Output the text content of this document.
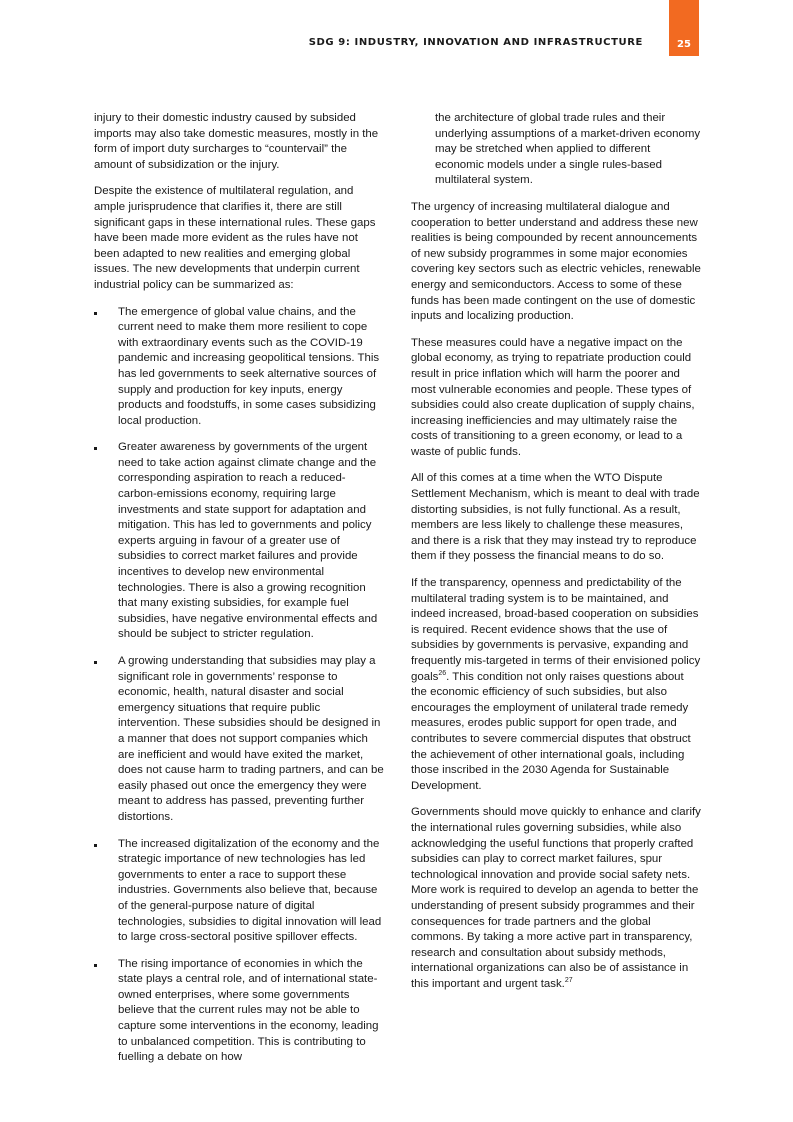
SDG 9: INDUSTRY, INNOVATION AND INFRASTRUCTURE	25

injury to their domestic industry caused by subsided imports may also take domestic measures, mostly in the form of import duty surcharges to “countervail” the amount of subsidization or the injury.

Despite the existence of multilateral regulation, and ample jurisprudence that clarifies it, there are still significant gaps in these international rules. These gaps have been made more evident as the rules have not been adapted to new realities and emerging global issues. The new developments that underpin current industrial policy can be summarized as:

The emergence of global value chains, and the current need to make them more resilient to cope with extraordinary events such as the COVID-19 pandemic and increasing geopolitical tensions. This has led governments to seek alternative sources of supply and production for key inputs, energy products and foodstuffs, in some cases subsidizing local production.
Greater awareness by governments of the urgent need to take action against climate change and the corresponding aspiration to reach a reduced-carbon-emissions economy, requiring large investments and state support for adaptation and mitigation. This has led to governments and policy experts arguing in favour of a greater use of subsidies to correct market failures and provide incentives to develop new environmental technologies. There is also a growing recognition that many existing subsidies, for example fuel subsidies, have negative environmental effects and should be subject to stricter regulation.
A growing understanding that subsidies may play a significant role in governments’ response to economic, health, natural disaster and social emergency situations that require public intervention. These subsidies should be designed in a manner that does not support companies which are inefficient and would have exited the market, does not cause harm to trading partners, and can be easily phased out once the emergency they were meant to address has passed, preventing further distortions.
The increased digitalization of the economy and the strategic importance of new technologies has led governments to enter a race to support these industries. Governments also believe that, because of the general-purpose nature of digital technologies, subsidies to digital innovation will lead to large cross-sectoral positive spillover effects.
The rising importance of economies in which the state plays a central role, and of international state-owned enterprises, where some governments believe that the current rules may not be able to capture some interventions in the economy, leading to unbalanced competition. This is contributing to fuelling a debate on how
the architecture of global trade rules and their underlying assumptions of a market-driven economy may be stretched when applied to different economic models under a single rules-based multilateral system.

The urgency of increasing multilateral dialogue and cooperation to better understand and address these new realities is being compounded by recent announcements of new subsidy programmes in some major economies covering key sectors such as electric vehicles, renewable energy and semiconductors. Access to some of these funds has been made contingent on the use of domestic inputs and localizing production.

These measures could have a negative impact on the global economy, as trying to repatriate production could result in price inflation which will harm the poorer and most vulnerable economies and people. These types of subsidies could also create duplication of supply chains, increasing inefficiencies and may ultimately raise the costs of transitioning to a green economy, or lead to a waste of public funds.

All of this comes at a time when the WTO Dispute Settlement Mechanism, which is meant to deal with trade distorting subsidies, is not fully functional. As a result, members are less likely to challenge these measures, and there is a risk that they may instead try to reproduce them if they possess the financial means to do so.

If the transparency, openness and predictability of the multilateral trading system is to be maintained, and indeed increased, broad-based cooperation on subsidies is required. Recent evidence shows that the use of subsidies by governments is pervasive, expanding and frequently mis-targeted in terms of their envisioned policy goals$^{26}$. This condition not only raises questions about the economic efficiency of such subsidies, but also encourages the employment of unilateral trade remedy measures, erodes public support for open trade, and contributes to severe commercial disputes that obstruct the achievement of other international goals, including those inscribed in the 2030 Agenda for Sustainable Development.

Governments should move quickly to enhance and clarify the international rules governing subsidies, while also acknowledging the useful functions that properly crafted subsidies can play to correct market failures, spur technological innovation and provide social safety nets. More work is required to develop an agenda to better the understanding of present subsidy programmes and their consequences for trade partners and the global commons. By taking a more active part in transparency, research and consultation about subsidy methods, international organizations can also be of assistance in this important and urgent task.$^{27}$
